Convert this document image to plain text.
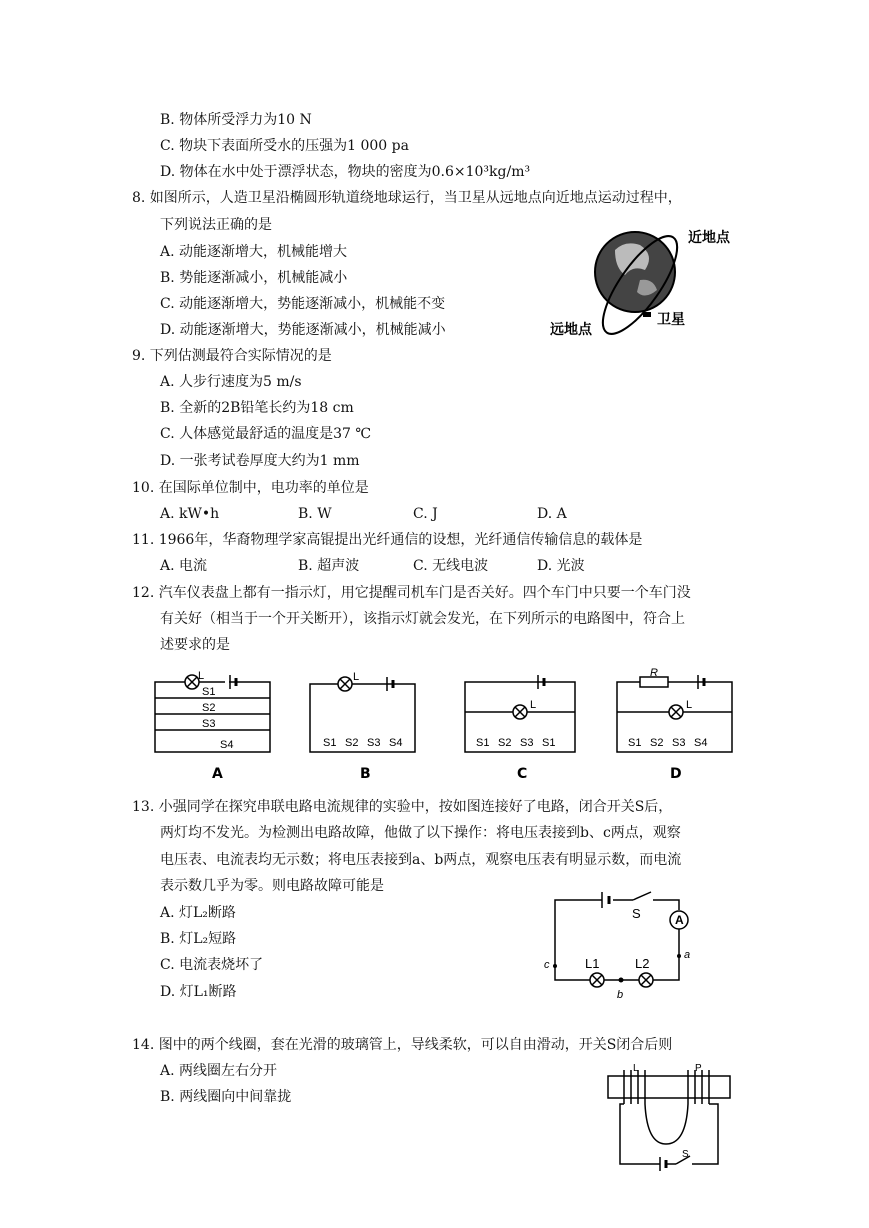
B. 物体所受浮力为10 N
C. 物块下表面所受水的压强为1 000 pa
D. 物体在水中处于漂浮状态，物块的密度为0.6×10³kg/m³
8. 如图所示，人造卫星沿椭圆形轨道绕地球运行，当卫星从远地点向近地点运动过程中，
下列说法正确的是
A. 动能逐渐增大，机械能增大
B. 势能逐渐减小，机械能减小
C. 动能逐渐增大，势能逐渐减小，机械能不变
D. 动能逐渐增大，势能逐渐减小，机械能减小
近地点
远地点
卫星
9. 下列估测最符合实际情况的是
A. 人步行速度为5 m/s
B. 全新的2B铅笔长约为18 cm
C. 人体感觉最舒适的温度是37 ℃
D. 一张考试卷厚度大约为1 mm
10. 在国际单位制中，电功率的单位是
A. kW•h	B. W	C. J	D. A
11. 1966年，华裔物理学家高锟提出光纤通信的设想，光纤通信传输信息的载体是
A. 电流	B. 超声波	C. 无线电波	D. 光波
12. 汽车仪表盘上都有一指示灯，用它提醒司机车门是否关好。四个车门中只要一个车门没
有关好（相当于一个开关断开），该指示灯就会发光，在下列所示的电路图中，符合上
述要求的是
L
S1
S2
S3
S4
A
L
S1 S2 S3 S4
B
L
S1 S2 S3 S1
C
R
L
S1 S2 S3 S4
D
13. 小强同学在探究串联电路电流规律的实验中，按如图连接好了电路，闭合开关S后，
两灯均不发光。为检测出电路故障，他做了以下操作：将电压表接到b、c两点，观察
电压表、电流表均无示数；将电压表接到a、b两点，观察电压表有明显示数，而电流
表示数几乎为零。则电路故障可能是
A. 灯L₂断路
B. 灯L₂短路
C. 电流表烧坏了
D. 灯L₁断路
A
S
a
b
c	L1	L2
14. 图中的两个线圈，套在光滑的玻璃管上，导线柔软，可以自由滑动，开关S闭合后则
A. 两线圈左右分开
B. 两线圈向中间靠拢
L	P
S
